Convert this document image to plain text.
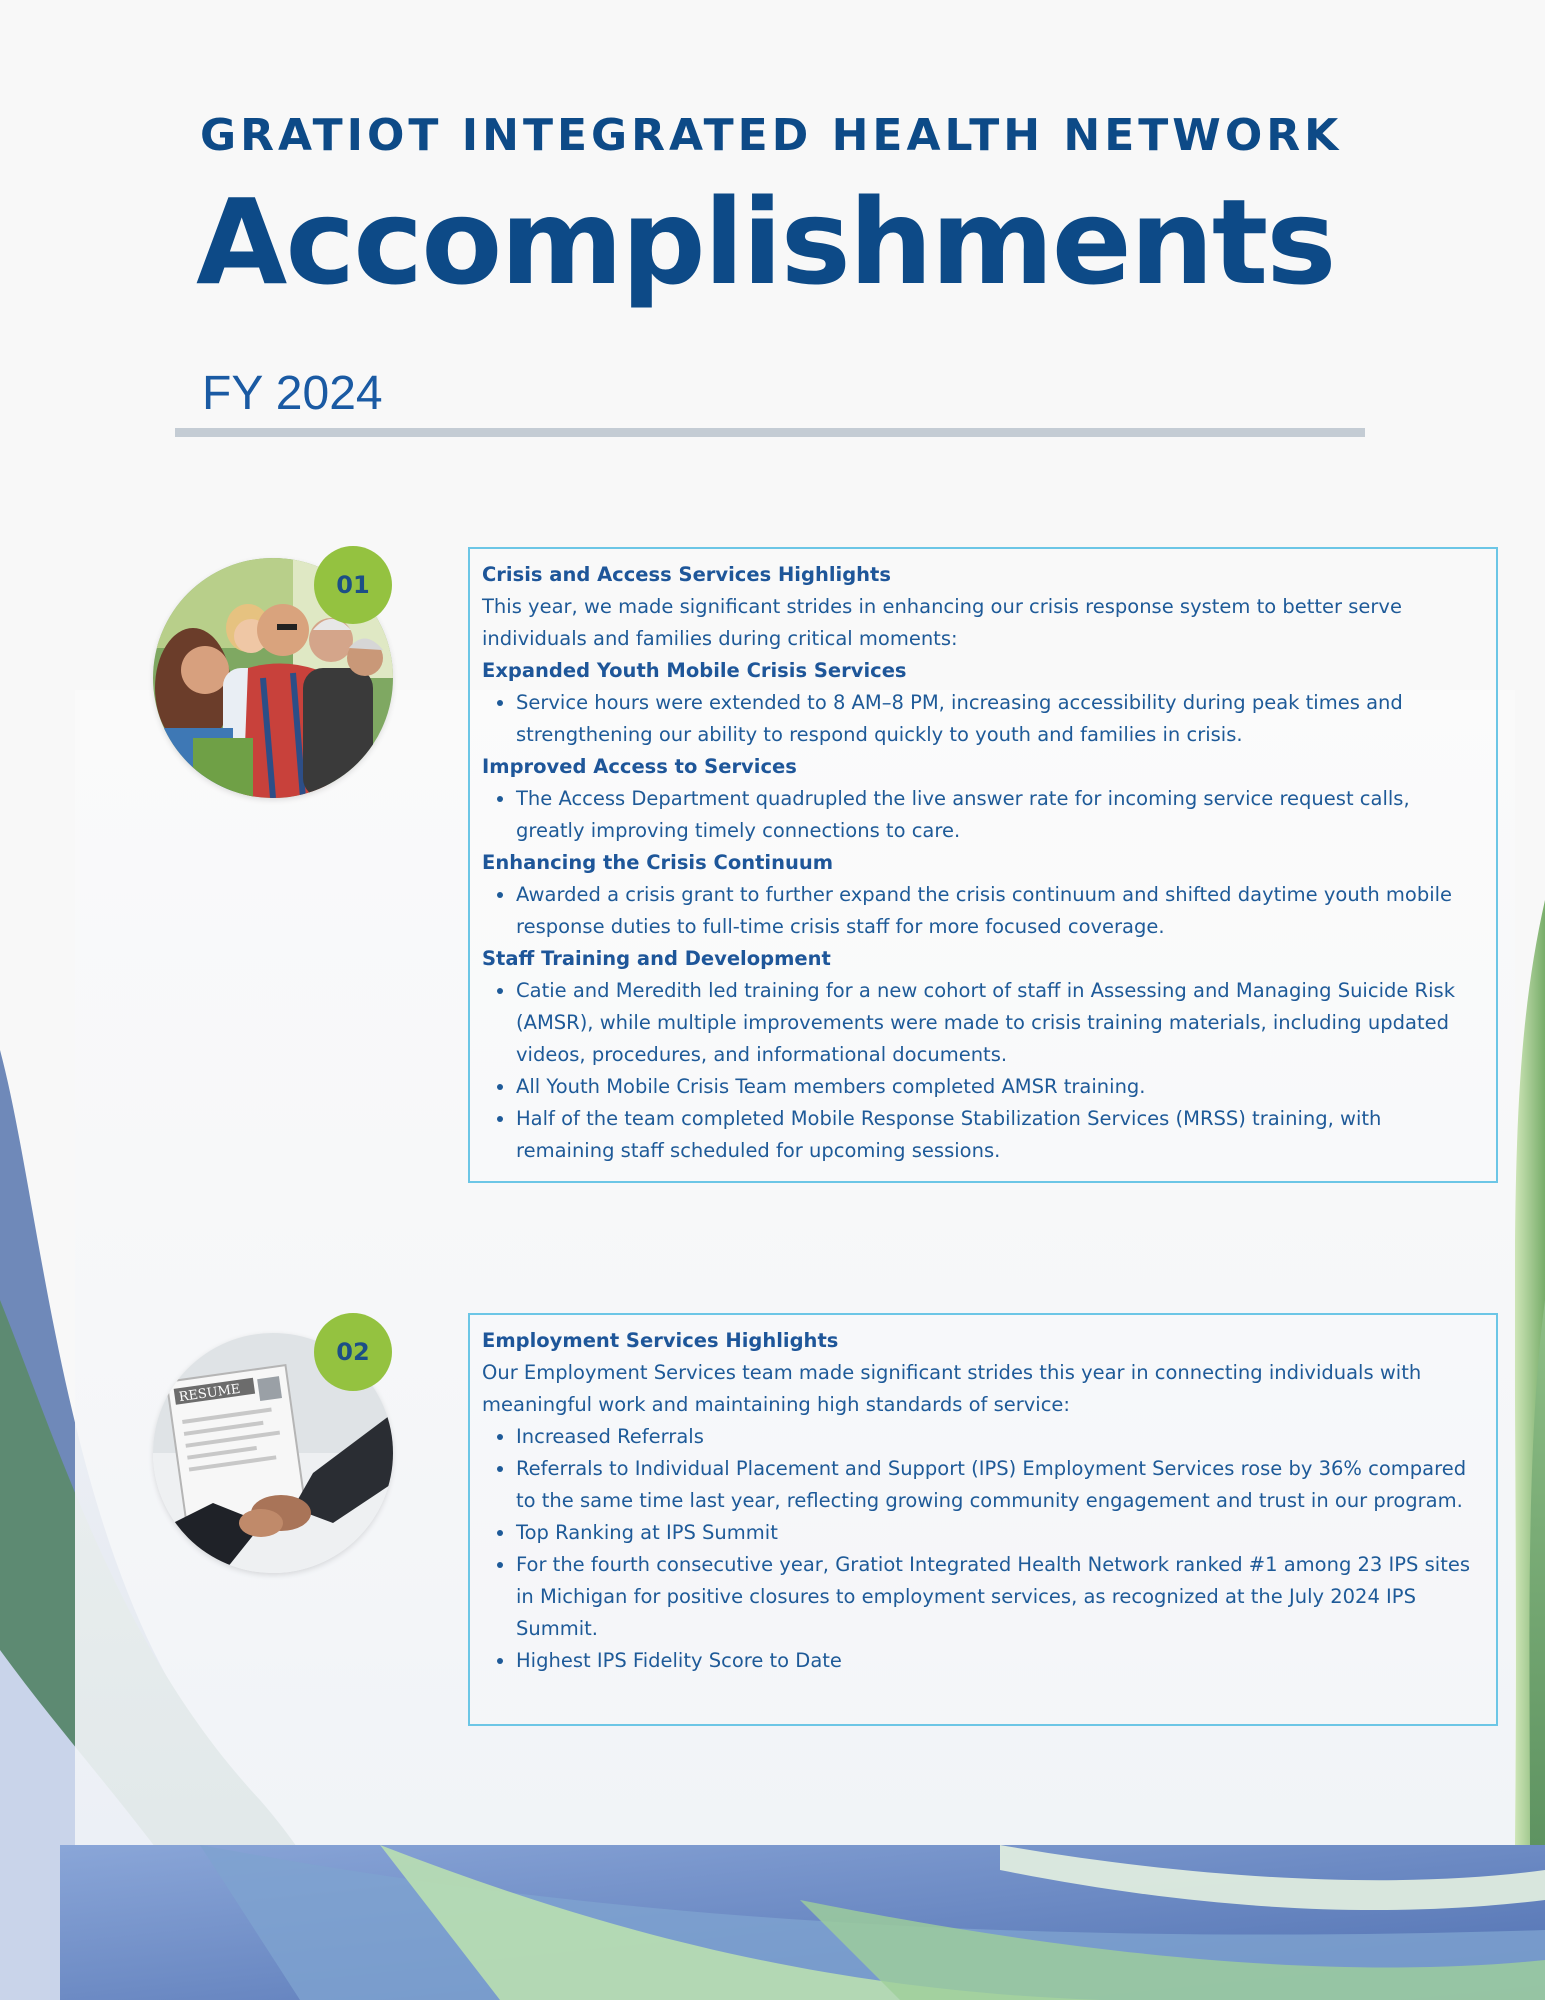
GRATIOT INTEGRATED HEALTH NETWORK
Accomplishments
FY 2024
01	Crisis and Access Services Highlights

This year, we made significant strides in enhancing our crisis response system to better serve individuals and families during critical moments:

Expanded Youth Mobile Crisis Services

• Service hours were extended to 8 AM–8 PM, increasing accessibility during peak times and strengthening our ability to respond quickly to youth and families in crisis.

Improved Access to Services

• The Access Department quadrupled the live answer rate for incoming service request calls, greatly improving timely connections to care.

Enhancing the Crisis Continuum

• Awarded a crisis grant to further expand the crisis continuum and shifted daytime youth mobile response duties to full-time crisis staff for more focused coverage.

Staff Training and Development

• Catie and Meredith led training for a new cohort of staff in Assessing and Managing Suicide Risk (AMSR), while multiple improvements were made to crisis training materials, including updated videos, procedures, and informational documents.
• All Youth Mobile Crisis Team members completed AMSR training.
• Half of the team completed Mobile Response Stabilization Services (MRSS) training, with remaining staff scheduled for upcoming sessions.
RESUME
02	Employment Services Highlights

Our Employment Services team made significant strides this year in connecting individuals with meaningful work and maintaining high standards of service:

• Increased Referrals
• Referrals to Individual Placement and Support (IPS) Employment Services rose by 36% compared to the same time last year, reflecting growing community engagement and trust in our program.
• Top Ranking at IPS Summit
• For the fourth consecutive year, Gratiot Integrated Health Network ranked #1 among 23 IPS sites in Michigan for positive closures to employment services, as recognized at the July 2024 IPS Summit.
• Highest IPS Fidelity Score to Date
